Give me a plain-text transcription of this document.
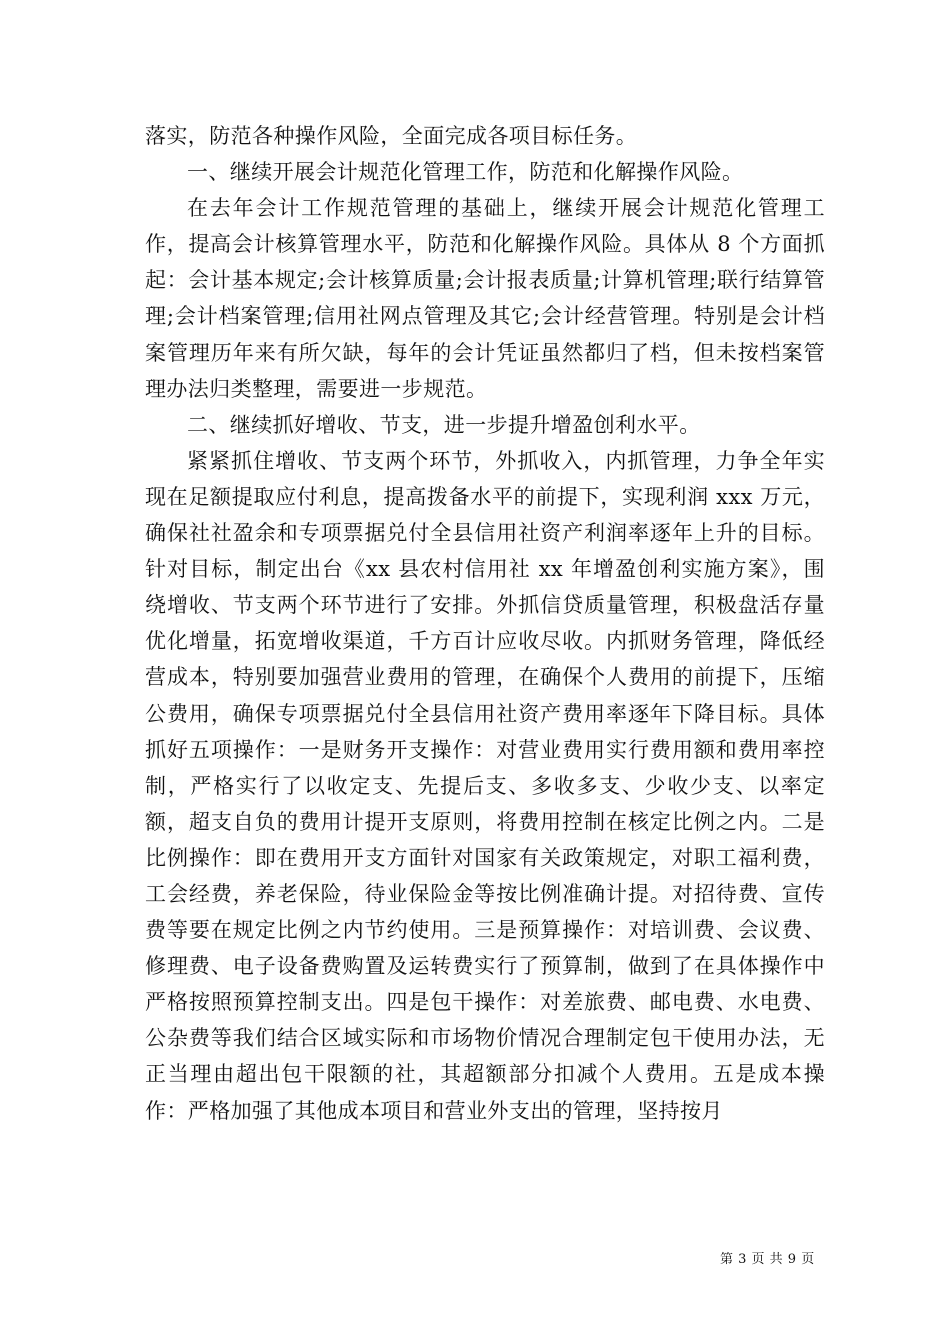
落实，防范各种操作风险，全面完成各项目标任务。

一、继续开展会计规范化管理工作，防范和化解操作风险。

在去年会计工作规范管理的基础上，继续开展会计规范化管理工作，提高会计核算管理水平，防范和化解操作风险。具体从 8 个方面抓起：会计基本规定;会计核算质量;会计报表质量;计算机管理;联行结算管理;会计档案管理;信用社网点管理及其它;会计经营管理。特别是会计档案管理历年来有所欠缺，每年的会计凭证虽然都归了档，但未按档案管理办法归类整理，需要进一步规范。

二、继续抓好增收、节支，进一步提升增盈创利水平。

紧紧抓住增收、节支两个环节，外抓收入，内抓管理，力争全年实现在足额提取应付利息，提高拨备水平的前提下，实现利润 xxx 万元，确保社社盈余和专项票据兑付全县信用社资产利润率逐年上升的目标。针对目标，制定出台《xx 县农村信用社 xx 年增盈创利实施方案》，围绕增收、节支两个环节进行了安排。外抓信贷质量管理，积极盘活存量优化增量，拓宽增收渠道，千方百计应收尽收。内抓财务管理，降低经营成本，特别要加强营业费用的管理，在确保个人费用的前提下，压缩公费用，确保专项票据兑付全县信用社资产费用率逐年下降目标。具体抓好五项操作：一是财务开支操作：对营业费用实行费用额和费用率控制，严格实行了以收定支、先提后支、多收多支、少收少支、以率定额，超支自负的费用计提开支原则，将费用控制在核定比例之内。二是比例操作：即在费用开支方面针对国家有关政策规定，对职工福利费，工会经费，养老保险，待业保险金等按比例准确计提。对招待费、宣传费等要在规定比例之内节约使用。三是预算操作：对培训费、会议费、修理费、电子设备费购置及运转费实行了预算制，做到了在具体操作中严格按照预算控制支出。四是包干操作：对差旅费、邮电费、水电费、公杂费等我们结合区域实际和市场物价情况合理制定包干使用办法，无正当理由超出包干限额的社，其超额部分扣减个人费用。五是成本操作：严格加强了其他成本项目和营业外支出的管理，坚持按月

第 3 页 共 9 页
